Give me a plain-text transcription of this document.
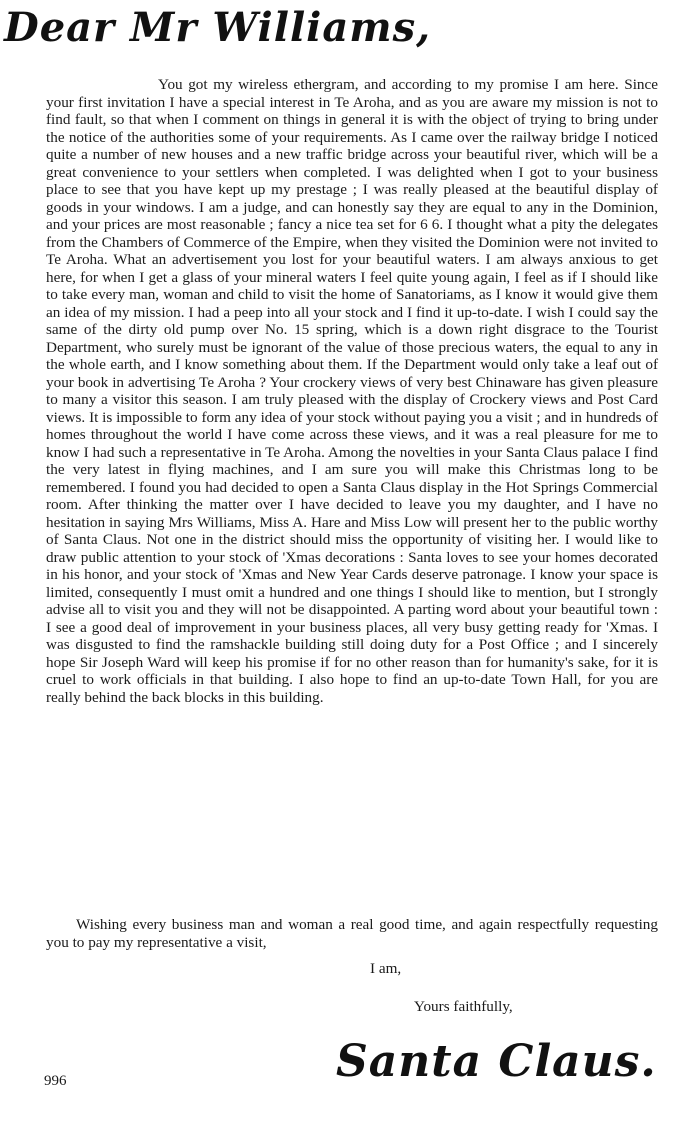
Dear Mr Williams,

You got my wireless ethergram, and according to my promise I am here. Since your first invitation I have a special interest in Te Aroha, and as you are aware my mission is not to find fault, so that when I comment on things in general it is with the object of trying to bring under the notice of the authorities some of your requirements. As I came over the railway bridge I noticed quite a number of new houses and a new traffic bridge across your beautiful river, which will be a great convenience to your settlers when completed. I was delighted when I got to your business place to see that you have kept up my prestage ; I was really pleased at the beautiful display of goods in your windows. I am a judge, and can honestly say they are equal to any in the Dominion, and your prices are most reasonable ; fancy a nice tea set for 6 6. I thought what a pity the delegates from the Chambers of Commerce of the Empire, when they visited the Dominion were not invited to Te Aroha. What an advertisement you lost for your beautiful waters. I am always anxious to get here, for when I get a glass of your mineral waters I feel quite young again, I feel as if I should like to take every man, woman and child to visit the home of Sanatoriams, as I know it would give them an idea of my mission. I had a peep into all your stock and I find it up-to-date. I wish I could say the same of the dirty old pump over No. 15 spring, which is a down right disgrace to the Tourist Department, who surely must be ignorant of the value of those precious waters, the equal to any in the whole earth, and I know something about them. If the Department would only take a leaf out of your book in advertising Te Aroha ? Your crockery views of very best Chinaware has given pleasure to many a visitor this season. I am truly pleased with the display of Crockery views and Post Card views. It is impossible to form any idea of your stock without paying you a visit ; and in hundreds of homes throughout the world I have come across these views, and it was a real pleasure for me to know I had such a representative in Te Aroha. Among the novelties in your Santa Claus palace I find the very latest in flying machines, and I am sure you will make this Christmas long to be remembered. I found you had decided to open a Santa Claus display in the Hot Springs Commercial room. After thinking the matter over I have decided to leave you my daughter, and I have no hesitation in saying Mrs Williams, Miss A. Hare and Miss Low will present her to the public worthy of Santa Claus. Not one in the district should miss the opportunity of visiting her. I would like to draw public attention to your stock of 'Xmas decorations : Santa loves to see your homes decorated in his honor, and your stock of 'Xmas and New Year Cards deserve patronage. I know your space is limited, consequently I must omit a hundred and one things I should like to mention, but I strongly advise all to visit you and they will not be disappointed. A parting word about your beautiful town : I see a good deal of improvement in your business places, all very busy getting ready for 'Xmas. I was disgusted to find the ramshackle building still doing duty for a Post Office ; and I sincerely hope Sir Joseph Ward will keep his promise if for no other reason than for humanity's sake, for it is cruel to work officials in that building. I also hope to find an up-to-date Town Hall, for you are really behind the back blocks in this building.

Wishing every business man and woman a real good time, and again respectfully requesting you to pay my representative a visit,

I am,
Yours faithfully,
Santa Claus.
996
